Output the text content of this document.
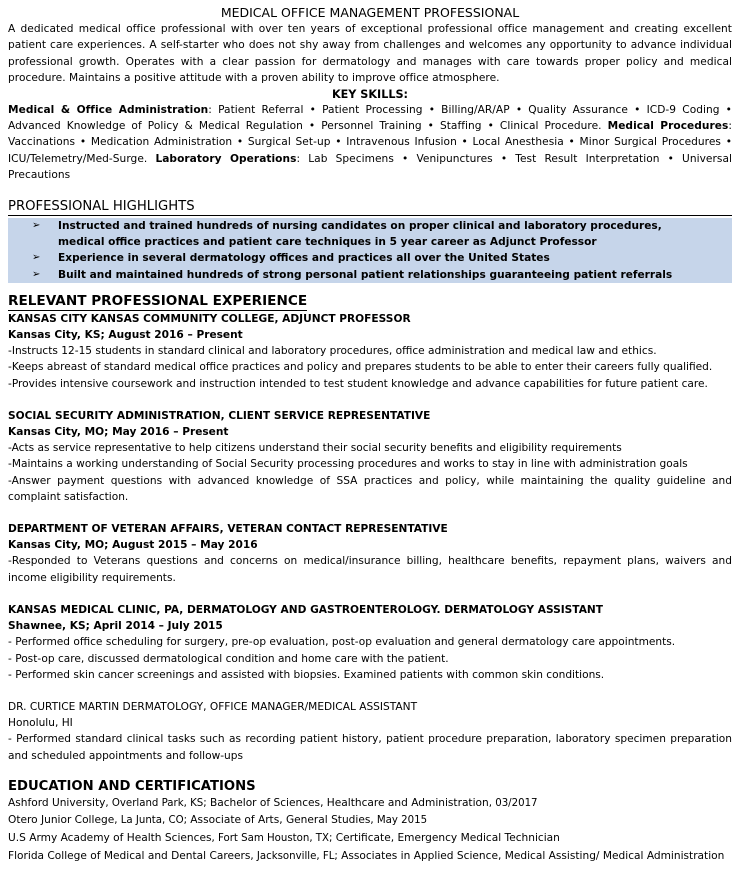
MEDICAL OFFICE MANAGEMENT PROFESSIONAL
A dedicated medical office professional with over ten years of exceptional professional office management and creating excellent patient care experiences. A self-starter who does not shy away from challenges and welcomes any opportunity to advance individual professional growth. Operates with a clear passion for dermatology and manages with care towards proper policy and medical procedure. Maintains a positive attitude with a proven ability to improve office atmosphere.
KEY SKILLS:
Medical & Office Administration: Patient Referral • Patient Processing • Billing/AR/AP • Quality Assurance • ICD-9 Coding • Advanced Knowledge of Policy & Medical Regulation • Personnel Training • Staffing • Clinical Procedure. Medical Procedures: Vaccinations • Medication Administration • Surgical Set-up • Intravenous Infusion • Local Anesthesia • Minor Surgical Procedures • ICU/Telemetry/Med-Surge. Laboratory Operations: Lab Specimens • Venipunctures • Test Result Interpretation • Universal Precautions
PROFESSIONAL HIGHLIGHTS
➢	Instructed and trained hundreds of nursing candidates on proper clinical and laboratory procedures, medical office practices and patient care techniques in 5 year career as Adjunct Professor
➢	Experience in several dermatology offices and practices all over the United States
➢	Built and maintained hundreds of strong personal patient relationships guaranteeing patient referrals
RELEVANT PROFESSIONAL EXPERIENCE
KANSAS CITY KANSAS COMMUNITY COLLEGE, ADJUNCT PROFESSOR
Kansas City, KS; August 2016 – Present
-Instructs 12-15 students in standard clinical and laboratory procedures, office administration and medical law and ethics.
-Keeps abreast of standard medical office practices and policy and prepares students to be able to enter their careers fully qualified.
-Provides intensive coursework and instruction intended to test student knowledge and advance capabilities for future patient care.
SOCIAL SECURITY ADMINISTRATION, CLIENT SERVICE REPRESENTATIVE
Kansas City, MO; May 2016 – Present
-Acts as service representative to help citizens understand their social security benefits and eligibility requirements
-Maintains a working understanding of Social Security processing procedures and works to stay in line with administration goals
-Answer payment questions with advanced knowledge of SSA practices and policy, while maintaining the quality guideline and complaint satisfaction.
DEPARTMENT OF VETERAN AFFAIRS, VETERAN CONTACT REPRESENTATIVE
Kansas City, MO; August 2015 – May 2016
-Responded to Veterans questions and concerns on medical/insurance billing, healthcare benefits, repayment plans, waivers and income eligibility requirements.
KANSAS MEDICAL CLINIC, PA, DERMATOLOGY AND GASTROENTEROLOGY. DERMATOLOGY ASSISTANT
Shawnee, KS; April 2014 – July 2015
- Performed office scheduling for surgery, pre-op evaluation, post-op evaluation and general dermatology care appointments.
- Post-op care, discussed dermatological condition and home care with the patient.
- Performed skin cancer screenings and assisted with biopsies. Examined patients with common skin conditions.
DR. CURTICE MARTIN DERMATOLOGY, OFFICE MANAGER/MEDICAL ASSISTANT
Honolulu, HI
- Performed standard clinical tasks such as recording patient history, patient procedure preparation, laboratory specimen preparation and scheduled appointments and follow-ups
EDUCATION AND CERTIFICATIONS
Ashford University, Overland Park, KS; Bachelor of Sciences, Healthcare and Administration, 03/2017
Otero Junior College, La Junta, CO; Associate of Arts, General Studies, May 2015
U.S Army Academy of Health Sciences, Fort Sam Houston, TX; Certificate, Emergency Medical Technician
Florida College of Medical and Dental Careers, Jacksonville, FL; Associates in Applied Science, Medical Assisting/ Medical Administration
